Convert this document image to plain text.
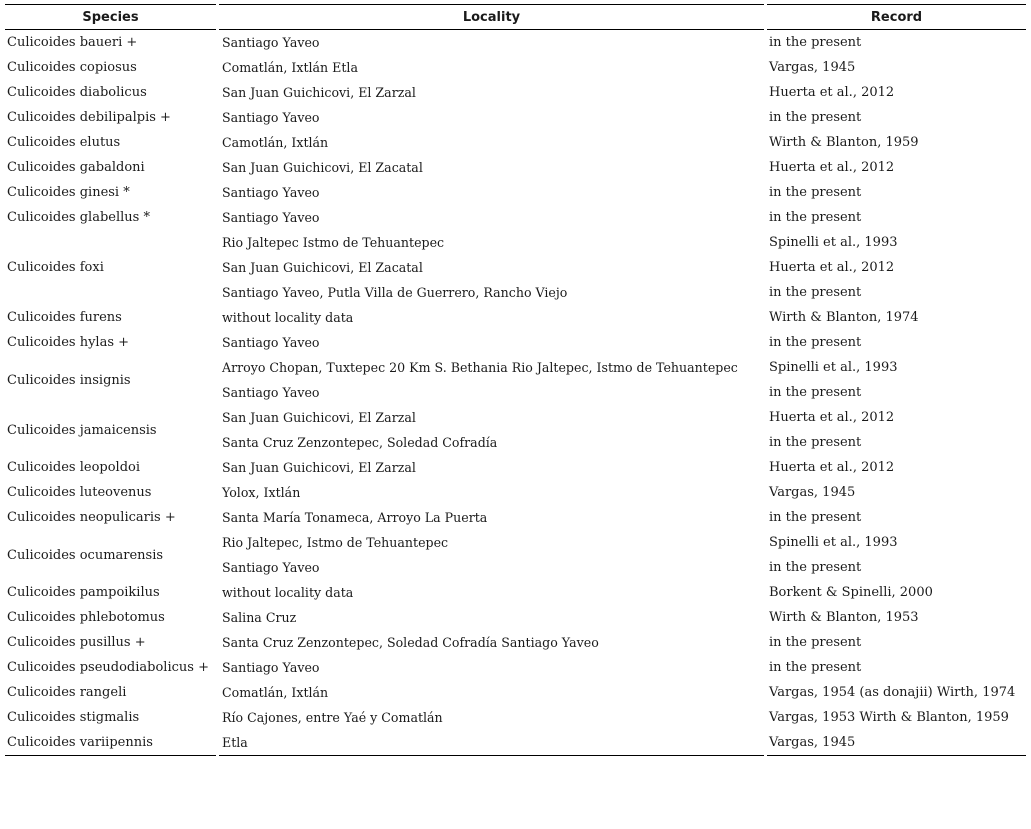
Species		Locality		Record
Culicoides baueri +		Santiago Yaveo		in the present
Culicoides copiosus		Comatlán, Ixtlán Etla		Vargas, 1945
Culicoides diabolicus		San Juan Guichicovi, El Zarzal		Huerta et al., 2012
Culicoides debilipalpis +		Santiago Yaveo		in the present
Culicoides elutus		Camotlán, Ixtlán		Wirth & Blanton, 1959
Culicoides gabaldoni		San Juan Guichicovi, El Zacatal		Huerta et al., 2012
Culicoides ginesi *		Santiago Yaveo		in the present
Culicoides glabellus *		Santiago Yaveo		in the present
		Rio Jaltepec Istmo de Tehuantepec		Spinelli et al., 1993
Culicoides foxi		San Juan Guichicovi, El Zacatal		Huerta et al., 2012
		Santiago Yaveo, Putla Villa de Guerrero, Rancho Viejo		in the present
Culicoides furens		without locality data		Wirth & Blanton, 1974
Culicoides hylas +		Santiago Yaveo		in the present
Culicoides insignis		Arroyo Chopan, Tuxtepec 20 Km S. Bethania Rio Jaltepec, Istmo de Tehuantepec		Spinelli et al., 1993
		Santiago Yaveo		in the present
Culicoides jamaicensis		San Juan Guichicovi, El Zarzal		Huerta et al., 2012
		Santa Cruz Zenzontepec, Soledad Cofradía		in the present
Culicoides leopoldoi		San Juan Guichicovi, El Zarzal		Huerta et al., 2012
Culicoides luteovenus		Yolox, Ixtlán		Vargas, 1945
Culicoides neopulicaris +		Santa María Tonameca, Arroyo La Puerta		in the present
Culicoides ocumarensis		Rio Jaltepec, Istmo de Tehuantepec		Spinelli et al., 1993
		Santiago Yaveo		in the present
Culicoides pampoikilus		without locality data		Borkent & Spinelli, 2000
Culicoides phlebotomus		Salina Cruz		Wirth & Blanton, 1953
Culicoides pusillus +		Santa Cruz Zenzontepec, Soledad Cofradía Santiago Yaveo		in the present
Culicoides pseudodiabolicus +		Santiago Yaveo		in the present
Culicoides rangeli		Comatlán, Ixtlán		Vargas, 1954 (as donajii) Wirth, 1974
Culicoides stigmalis		Río Cajones, entre Yaé y Comatlán		Vargas, 1953 Wirth & Blanton, 1959
Culicoides variipennis		Etla		Vargas, 1945
